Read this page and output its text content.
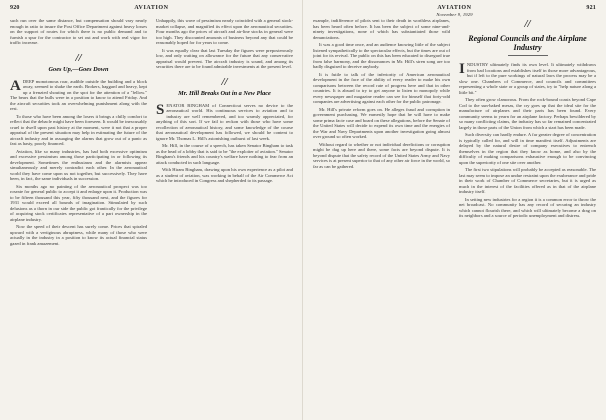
920	AVIATION

such run over the same distance, but compensation should vary nearly enough in ratio to insure the Post Office Department against heavy losses on the support of routes for which there is no public demand and to furnish a spur for the contractor to set out and work with real vigor for traffic increase.

//
Goes Up,—Goes Down

ADEEP monotonous roar, audible outside the building and a block away, seemed to shake the earth. Brokers, haggard and heavy, kept up a frenzied shouting on the spot for the attention of a "fellow." The bears that the bulls were in a position to know to attend Friday. And the aircraft securities took an overwhelming punishment along with the rest.

To those who have been among the losers it brings a chilly comfort to reflect that the debacle might have been foreseen. It would be inexcusably cruel to dwell upon past history at the moment, were it not that a proper appraisal of the present situation may help in estimating the future of the aircraft industry and in assuaging the alarms that grow out of a panic as fast as hasty, poorly financed.

Aviation, like so many industries, has had both excessive optimism and excessive pessimism among those participating in or following its development. Sometimes the enthusiasm and the alarmists appear simultaneously and merely contradict each other. In the aeronautical world they have come upon us not together, but successively. They have been, in fact, the same individuals in succession.

Six months ago no painting of the aeronautical prospect was too roseate for general public to accept it and enlarge upon it. Production was to be fifteen thousand this year, fifty thousand next, and the figures for 1931 would exceed all bounds of imagination. Stimulated by such delusions as a thorn in our side the public got frantically for the privilege of acquiring stock certificates representative of a part ownership in the airplane industry.

Now the speed of their descent has surely come. Prices that spiraled upward with a vertiginous abruptness, while many of those who were actually in the industry in a position to know its actual financial status gazed in frank amazement.

Unhappily, this wave of pessimism nearly coincided with a general stock-market collapse, and magnified its effect upon the aeronautical securities. Four months ago the prices of aircraft and air-line stocks in general were too high. They discounted amounts of business beyond any that could be reasonably hoped for for years to come.

It was equally clear that last Tuesday the figures were preposterously low, and only waiting on allowance for the future that any conservative appraisal would prevent. The aircraft industry is sound, and among its securities there are to be found admirable investments at the present level.

//
Mr. Hill Breaks Out in a New Place

SENATOR BINGHAM of Connecticut serves no device to the aeronautical world. His continuous services to aviation and to industry are well remembered, and too warmly appreciated, for anything of this sort. If we fail to reckon with those who have some recollection of aeronautical history, and some knowledge of the course that aeronautical development has followed, we should be content to ignore Mr. Thomas L. Hill's astonishing outburst of last week.

Mr. Hill, in the course of a speech, has taken Senator Bingham to task as the head of a lobby that is said to be "the exploiter of aviation." Senator Bingham's friends and his country's welfare have nothing to fear from an attack conducted in such language.

With Hiram Bingham, drawing upon his own experience as a pilot and as a student of aviation, was working in behalf of the Air Commerce Act which he introduced in Congress and shepherded to its passage.

AVIATION
November 9, 1929
921

example, indifference of pilots sent to their death in worthless airplanes, has been heard often before. It has been the subject of some nine-and-ninety investigations, none of which has substantiated those wild denunciations.

It was a good time once, and an audience knowing little of the subject listened sympathetically to the spectacular effects, but the times are out of joint for its revival. The public on this has been educated to disregard true from false harmony, and the dissonances in Mr. Hill's siren song are too badly disguised to deceive anybody.

It is futile to talk of the inferiority of American aeronautical development in the face of the ability of every reader to make his own comparisons between the record rate of progress here and that in other countries. It is absurd to try to get anyone to listen to monopoly while every newspaper and magazine reader can see for himself that forty-odd companies are advertising against each other for the public patronage.

Mr. Hill's private reform goes on. He alleges fraud and corruption in government purchasing. We earnestly hope that he will have to make some prima facie case and board on these allegations, before the Senate of the United States will decide to expend its own time and the energies of the War and Navy Departments upon another investigation going almost over ground so often worked.

Without regard to whether or not individual derelictions or corruption might be dug up here and there, some facts are beyond dispute. It is beyond dispute that the safety record of the United States Army and Navy services is at present superior to that of any other air force in the world, so far as can be gathered.

//
Regional Councils and the Airplane Industry

INDUSTRY ultimately finds its own level. It ultimately withdraws from bad locations and establishes itself in those more advantageous, but if left to the pure workings of natural laws the process may be a slow one. Chambers of Commerce, and councils and committees representing a whole state or a group of states, try to "help nature along a little bit."

They often grow clamorous. From the rock-bound coasts beyond Cape Cod to the sun-baked mesas, the cry goes up that the ideal site for the manufacture of airplanes and their parts has been found. Every community seems to yearn for an airplane factory. Perhaps bewildered by so many conflicting claims, the industry has so far remained concentrated largely in those parts of the Union from which a start has been made.

Such diversity can hardly endure. A far greater degree of concentration is typically called for, and will in time manifest itself. Adjustments are delayed by the natural desire of company executives to entrench themselves in the region that they know as home, and also by the difficulty of making comparisons exhaustive enough to be convincing upon the superiority of one site over another.

The first two stipulations will probably be accepted as reasonable. The last may seem to impose an undue restraint upon the exuberance and pride in their work of Chamber of Commerce secretaries, but it is urged as much in the interest of the facilities offered as in that of the airplane industry itself.

In setting new industries for a region it is a common error to throw the net broadcast. No community has any record of securing an industry which cannot flourish there, and which will ultimately become a drag on its neighbors and a source of periodic unemployment and distress.
